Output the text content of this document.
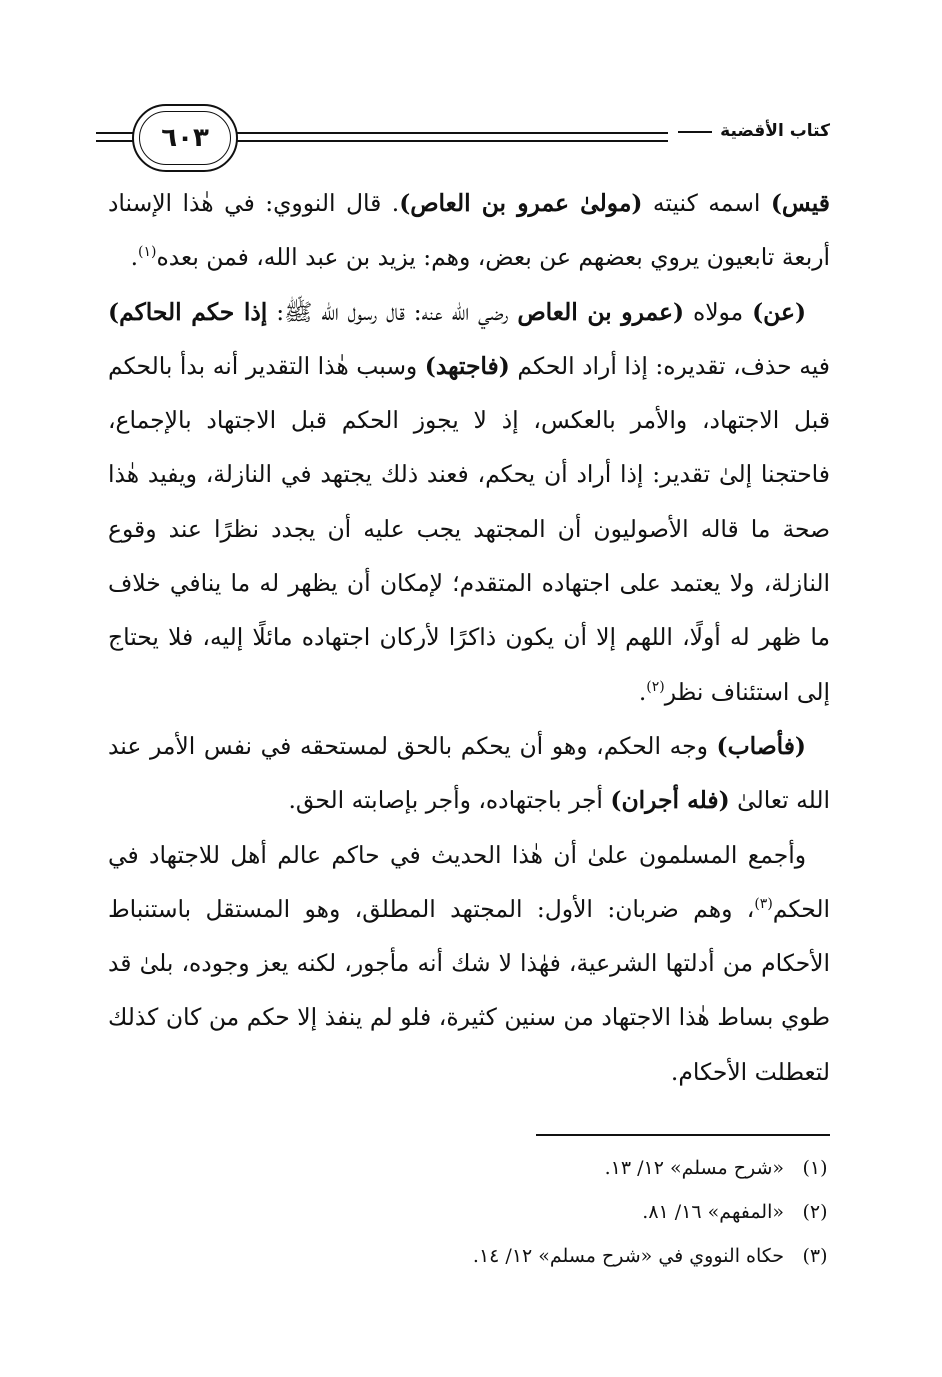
كتاب الأقضية
٦٠٣

قيس) اسمه كنيته (مولىٰ عمرو بن العاص). قال النووي: في هٰذا الإسناد أربعة تابعيون يروي بعضهم عن بعض، وهم: يزيد بن عبد الله، فمن بعده$^{(١)}$.

(عن) مولاه (عمرو بن العاص رضي الله عنه: قال رسول الله ﷺ: إذا حكم الحاكم) فيه حذف، تقديره: إذا أراد الحكم (فاجتهد) وسبب هٰذا التقدير أنه بدأ بالحكم قبل الاجتهاد، والأمر بالعكس، إذ لا يجوز الحكم قبل الاجتهاد بالإجماع، فاحتجنا إلىٰ تقدير: إذا أراد أن يحكم، فعند ذلك يجتهد في النازلة، ويفيد هٰذا صحة ما قاله الأصوليون أن المجتهد يجب عليه أن يجدد نظرًا عند وقوع النازلة، ولا يعتمد على اجتهاده المتقدم؛ لإمكان أن يظهر له ما ينافي خلاف ما ظهر له أولًا، اللهم إلا أن يكون ذاكرًا لأركان اجتهاده مائلًا إليه، فلا يحتاج إلى استئناف نظر$^{(٢)}$.

(فأصاب) وجه الحكم، وهو أن يحكم بالحق لمستحقه في نفس الأمر عند الله تعالىٰ (فله أجران) أجر باجتهاده، وأجر بإصابته الحق.

وأجمع المسلمون علىٰ أن هٰذا الحديث في حاكم عالم أهل للاجتهاد في الحكم$^{(٣)}$، وهم ضربان: الأول: المجتهد المطلق، وهو المستقل باستنباط الأحكام من أدلتها الشرعية، فهٰذا لا شك أنه مأجور، لكنه يعز وجوده، بلىٰ قد طوي بساط هٰذا الاجتهاد من سنين كثيرة، فلو لم ينفذ إلا حكم من كان كذلك لتعطلت الأحكام.

(١)
«شرح مسلم» ١٢/ ١٣.
(٢)
«المفهم» ١٦/ ٨١.
(٣)
حكاه النووي في «شرح مسلم» ١٢/ ١٤.
